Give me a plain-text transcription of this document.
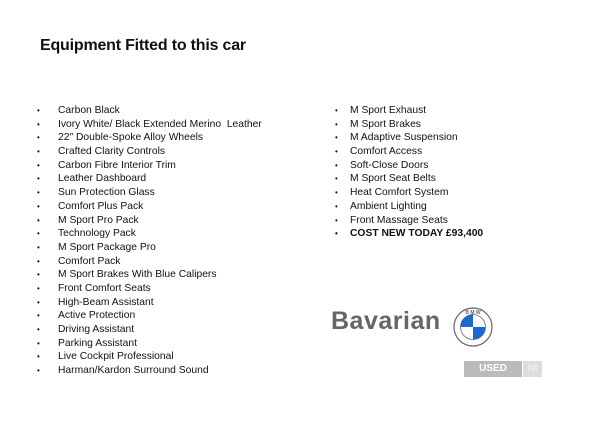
Equipment Fitted to this car
• Carbon Black
• Ivory White/ Black Extended Merino  Leather
• 22" Double-Spoke Alloy Wheels
• Crafted Clarity Controls
• Carbon Fibre Interior Trim
• Leather Dashboard
• Sun Protection Glass
• Comfort Plus Pack
• M Sport Pro Pack
• Technology Pack
• M Sport Package Pro
• Comfort Pack
• M Sport Brakes With Blue Calipers
• Front Comfort Seats
• High-Beam Assistant
• Active Protection
• Driving Assistant
• Parking Assistant
• Live Cockpit Professional
• Harman/Kardon Surround Sound
• M Sport Exhaust
• M Sport Brakes
• M Adaptive Suspension
• Comfort Access
• Soft-Close Doors
• M Sport Seat Belts
• Heat Comfort System
• Ambient Lighting
• Front Massage Seats
• COST NEW TODAY £93,400
Bavarian	B M W
USED CARS
NI
